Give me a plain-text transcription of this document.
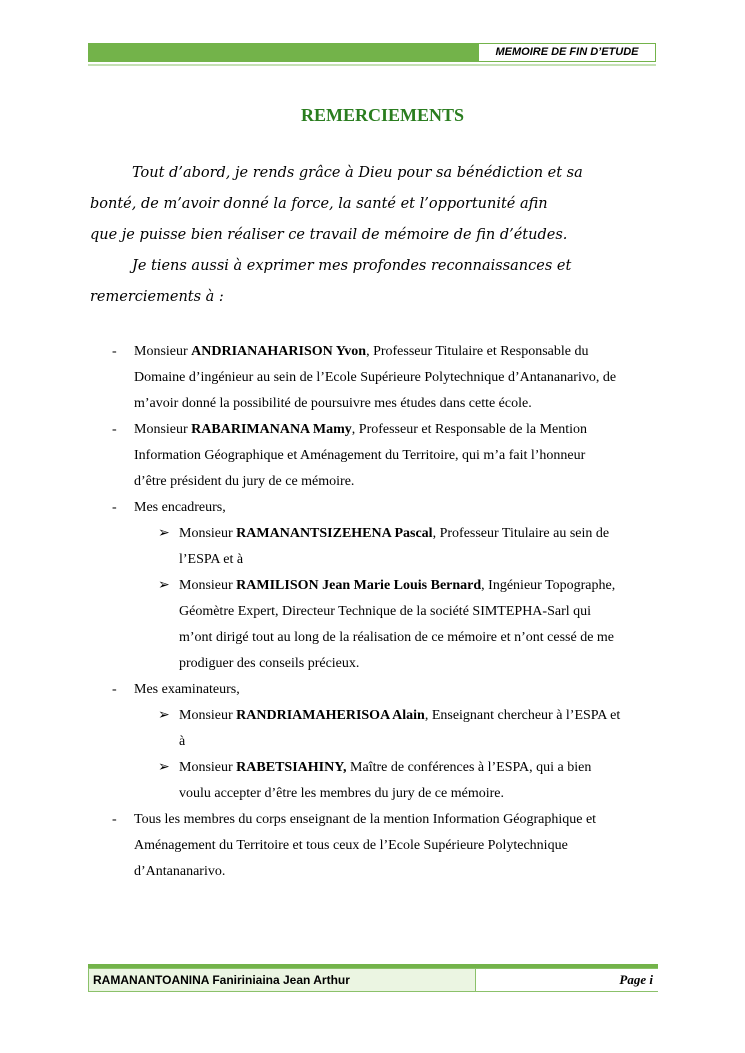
MEMOIRE DE FIN D’ETUDE
REMERCIEMENTS

Tout d’abord, je rends grâce à Dieu pour sa bénédiction et sa

bonté, de m’avoir donné la force, la santé et l’opportunité afin

que je puisse bien réaliser ce travail de mémoire de fin d’études.

Je tiens aussi à exprimer mes profondes reconnaissances et

remerciements à :

- Monsieur ANDRIANAHARISON Yvon, Professeur Titulaire et Responsable du
Domaine d’ingénieur au sein de l’Ecole Supérieure Polytechnique d’Antananarivo, de
m’avoir donné la possibilité de poursuivre mes études dans cette école.
- Monsieur RABARIMANANA Mamy, Professeur et Responsable de la Mention
Information Géographique et Aménagement du Territoire, qui m’a fait l’honneur
d’être président du jury de ce mémoire.
- Mes encadreurs,
➢ Monsieur RAMANANTSIZEHENA Pascal, Professeur Titulaire au sein de
l’ESPA et à
➢ Monsieur RAMILISON Jean Marie Louis Bernard, Ingénieur Topographe,
Géomètre Expert, Directeur Technique de la société SIMTEPHA-Sarl qui
m’ont dirigé tout au long de la réalisation de ce mémoire et n’ont cessé de me
prodiguer des conseils précieux.
- Mes examinateurs,
➢ Monsieur RANDRIAMAHERISOA Alain, Enseignant chercheur à l’ESPA et
à
➢ Monsieur RABETSIAHINY, Maître de conférences à l’ESPA, qui a bien
voulu accepter d’être les membres du jury de ce mémoire.
- Tous les membres du corps enseignant de la mention Information Géographique et
Aménagement du Territoire et tous ceux de l’Ecole Supérieure Polytechnique
d’Antananarivo.
RAMANANTOANINA Faniriniaina Jean Arthur	Page i
